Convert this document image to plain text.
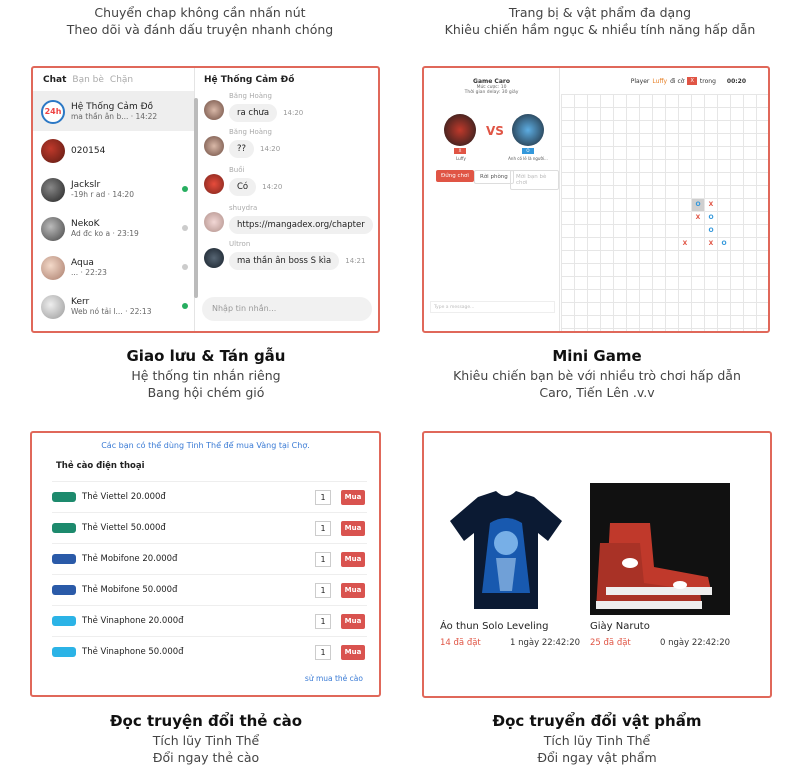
Chuyển chap không cần nhấn nút
Theo dõi và đánh dấu truyện nhanh chóng
Trang bị & vật phẩm đa dạng
Khiêu chiến hầm ngục & nhiều tính năng hấp dẫn
Chat Bạn bè Chặn
24h	Hệ Thống Cảm Đồ
ma thần ân b... · 14:22
020154
Jackslr
-19h r ad · 14:20
NekoK
Ad đc ko a · 23:19
Aqua
... · 22:23
Kerr
Web nó tải l... · 22:13
Hệ Thống Cảm Đồ
Băng Hoàng
ra chưa 14:20
Băng Hoàng
?? 14:20
Buồi
Có 14:20
shuydra
https://mangadex.org/chapter
Ultron
ma thần ân boss S kìa 14:21
Nhập tin nhắn...
Game Caro
Mức cược: 10
Thời gian delay: 30 giây
X
Luffy
VS
O
Anh có lẽ là người...
Đứng chơi	Rời phòng	Mời bạn bè chơi
Type a message...
Player Luffy đi cờ	X	trong 00:20
O	X
X	O
O
X	X	O
Các bạn có thể dùng Tinh Thể để mua Vàng tại Chợ.
Thẻ cào điện thoại
Thẻ Viettel 20.000đ	1	Mua
Thẻ Viettel 50.000đ	1	Mua
Thẻ Mobifone 20.000đ	1	Mua
Thẻ Mobifone 50.000đ	1	Mua
Thẻ Vinaphone 20.000đ	1	Mua
Thẻ Vinaphone 50.000đ	1	Mua
sử mua thẻ cào
Áo thun Solo Leveling
14 đã đặt	1 ngày 22:42:20
Giày Naruto
25 đã đặt	0 ngày 22:42:20
Giao lưu & Tán gẫu
Hệ thống tin nhắn riêng
Bang hội chém gió
Mini Game
Khiêu chiến bạn bè với nhiều trò chơi hấp dẫn
Caro, Tiến Lên .v.v
Đọc truyện đổi thẻ cào
Tích lũy Tinh Thể
Đổi ngay thẻ cào
Đọc truyển đổi vật phẩm
Tích lũy Tinh Thể
Đổi ngay vật phẩm
